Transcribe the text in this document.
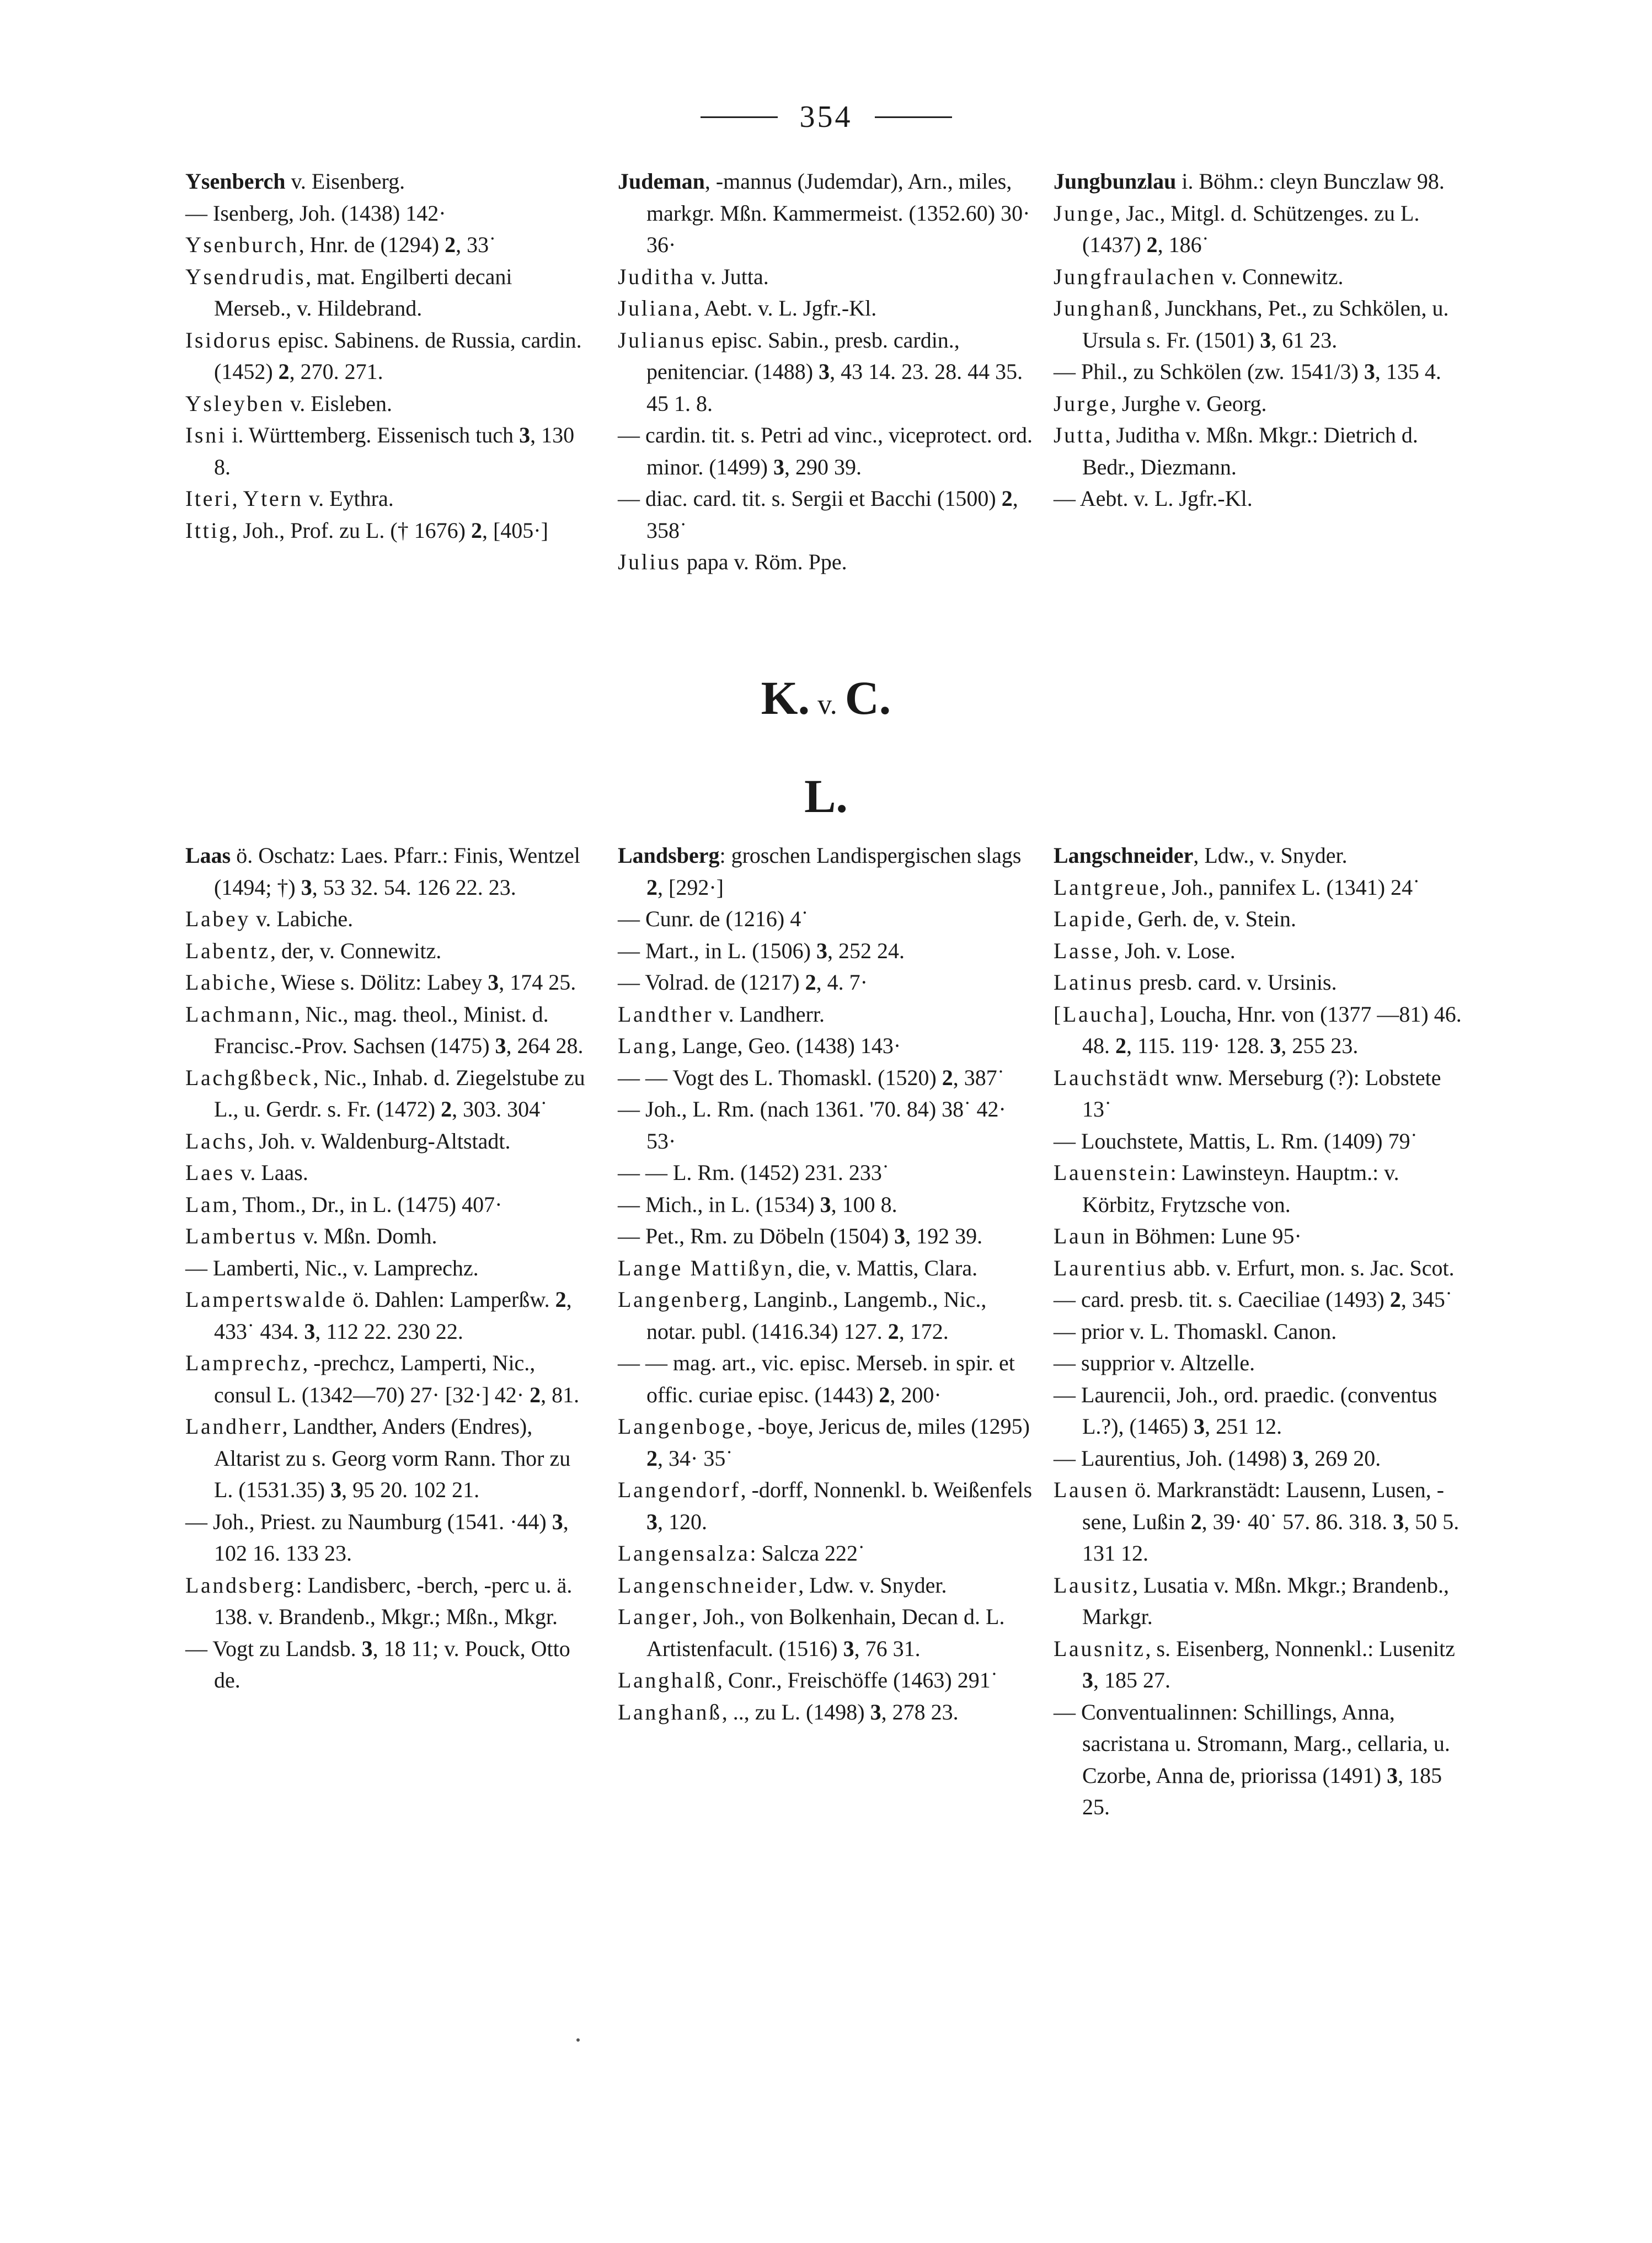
354

Ysenberch v. Eisenberg.

— Isenberg, Joh. (1438) 142·

Ysenburch, Hnr. de (1294) 2, 33˙

Ysendrudis, mat. Engilberti decani Merseb., v. Hildebrand.

Isidorus episc. Sabinens. de Russia, cardin. (1452) 2, 270. 271.

Ysleyben v. Eisleben.

Isni i. Württemberg. Eissenisch tuch 3, 130 8.

Iteri, Ytern v. Eythra.

Ittig, Joh., Prof. zu L. († 1676) 2, [405·]

Judeman, -mannus (Judemdar), Arn., miles, markgr. Mßn. Kammermeist. (1352.60) 30· 36·

Juditha v. Jutta.

Juliana, Aebt. v. L. Jgfr.-Kl.

Julianus episc. Sabin., presb. cardin., penitenciar. (1488) 3, 43 14. 23. 28. 44 35. 45 1. 8.

— cardin. tit. s. Petri ad vinc., viceprotect. ord. minor. (1499) 3, 290 39.

— diac. card. tit. s. Sergii et Bacchi (1500) 2, 358˙

Julius papa v. Röm. Ppe.

Jungbunzlau i. Böhm.: cleyn Bunczlaw 98.

Junge, Jac., Mitgl. d. Schützenges. zu L. (1437) 2, 186˙

Jungfraulachen v. Connewitz.

Junghanß, Junckhans, Pet., zu Schkölen, u. Ursula s. Fr. (1501) 3, 61 23.

— Phil., zu Schkölen (zw. 1541/3) 3, 135 4.

Jurge, Jurghe v. Georg.

Jutta, Juditha v. Mßn. Mkgr.: Dietrich d. Bedr., Diezmann.

— Aebt. v. L. Jgfr.-Kl.

K. v. C.
L.

Laas ö. Oschatz: Laes. Pfarr.: Finis, Wentzel (1494; †) 3, 53 32. 54. 126 22. 23.

Labey v. Labiche.

Labentz, der, v. Connewitz.

Labiche, Wiese s. Dölitz: Labey 3, 174 25.

Lachmann, Nic., mag. theol., Minist. d. Francisc.-Prov. Sachsen (1475) 3, 264 28.

Lachgßbeck, Nic., Inhab. d. Ziegelstube zu L., u. Gerdr. s. Fr. (1472) 2, 303. 304˙

Lachs, Joh. v. Waldenburg-Altstadt.

Laes v. Laas.

Lam, Thom., Dr., in L. (1475) 407·

Lambertus v. Mßn. Domh.

— Lamberti, Nic., v. Lamprechz.

Lampertswalde ö. Dahlen: Lamperßw. 2, 433˙ 434. 3, 112 22. 230 22.

Lamprechz, -prechcz, Lamperti, Nic., consul L. (1342—70) 27· [32·] 42· 2, 81.

Landherr, Landther, Anders (Endres), Altarist zu s. Georg vorm Rann. Thor zu L. (1531.35) 3, 95 20. 102 21.

— Joh., Priest. zu Naumburg (1541. ·44) 3, 102 16. 133 23.

Landsberg: Landisberc, -berch, -perc u. ä. 138. v. Brandenb., Mkgr.; Mßn., Mkgr.

— Vogt zu Landsb. 3, 18 11; v. Pouck, Otto de.

Landsberg: groschen Landispergischen slags 2, [292·]

— Cunr. de (1216) 4˙

— Mart., in L. (1506) 3, 252 24.

— Volrad. de (1217) 2, 4. 7·

Landther v. Landherr.

Lang, Lange, Geo. (1438) 143·

— — Vogt des L. Thomaskl. (1520) 2, 387˙

— Joh., L. Rm. (nach 1361. '70. 84) 38˙ 42· 53·

— — L. Rm. (1452) 231. 233˙

— Mich., in L. (1534) 3, 100 8.

— Pet., Rm. zu Döbeln (1504) 3, 192 39.

Lange Mattißyn, die, v. Mattis, Clara.

Langenberg, Langinb., Langemb., Nic., notar. publ. (1416.34) 127. 2, 172.

— — mag. art., vic. episc. Merseb. in spir. et offic. curiae episc. (1443) 2, 200·

Langenboge, -boye, Jericus de, miles (1295) 2, 34· 35˙

Langendorf, -dorff, Nonnenkl. b. Weißenfels 3, 120.

Langensalza: Salcza 222˙

Langenschneider, Ldw. v. Snyder.

Langer, Joh., von Bolkenhain, Decan d. L. Artistenfacult. (1516) 3, 76 31.

Langhalß, Conr., Freischöffe (1463) 291˙

Langhanß, .., zu L. (1498) 3, 278 23.

Langschneider, Ldw., v. Snyder.

Lantgreue, Joh., pannifex L. (1341) 24˙

Lapide, Gerh. de, v. Stein.

Lasse, Joh. v. Lose.

Latinus presb. card. v. Ursinis.

[Laucha], Loucha, Hnr. von (1377 —81) 46. 48. 2, 115. 119· 128. 3, 255 23.

Lauchstädt wnw. Merseburg (?): Lobstete 13˙

— Louchstete, Mattis, L. Rm. (1409) 79˙

Lauenstein: Lawinsteyn. Hauptm.: v. Körbitz, Frytzsche von.

Laun in Böhmen: Lune 95·

Laurentius abb. v. Erfurt, mon. s. Jac. Scot.

— card. presb. tit. s. Caeciliae (1493) 2, 345˙

— prior v. L. Thomaskl. Canon.

— supprior v. Altzelle.

— Laurencii, Joh., ord. praedic. (conventus L.?), (1465) 3, 251 12.

— Laurentius, Joh. (1498) 3, 269 20.

Lausen ö. Markranstädt: Lausenn, Lusen, -sene, Lußin 2, 39· 40˙ 57. 86. 318. 3, 50 5. 131 12.

Lausitz, Lusatia v. Mßn. Mkgr.; Brandenb., Markgr.

Lausnitz, s. Eisenberg, Nonnenkl.: Lusenitz 3, 185 27.

— Conventualinnen: Schillings, Anna, sacristana u. Stromann, Marg., cellaria, u. Czorbe, Anna de, priorissa (1491) 3, 185 25.
